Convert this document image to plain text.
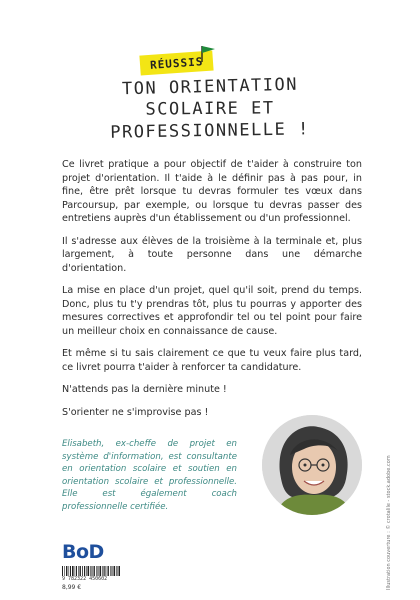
RÉUSSIS
TON ORIENTATION
SCOLAIRE ET
PROFESSIONNELLE !

Ce livret pratique a pour objectif de t'aider à construire ton projet d'orientation. Il t'aide à le définir pas à pas pour, in fine, être prêt lorsque tu devras formuler tes vœux dans Parcoursup, par exemple, ou lorsque tu devras passer des entretiens auprès d'un établissement ou d'un professionnel.

Il s'adresse aux élèves de la troisième à la terminale et, plus largement, à toute personne dans une démarche d'orientation.

La mise en place d'un projet, quel qu'il soit, prend du temps. Donc, plus tu t'y prendras tôt, plus tu pourras y apporter des mesures correctives et approfondir tel ou tel point pour faire un meilleur choix en connaissance de cause.

Et même si tu sais clairement ce que tu veux faire plus tard, ce livret pourra t'aider à renforcer ta candidature.

N'attends pas la dernière minute !

S'orienter ne s'improvise pas !

Elisabeth, ex-cheffe de projet en système d'information, est consultante en orientation scolaire et soutien en orientation scolaire et professionnelle. Elle est également coach professionnelle certifiée.
BoD
9 782322 450602
8,99 €	Illustration couverture : © crotalile - stock.adobe.com
